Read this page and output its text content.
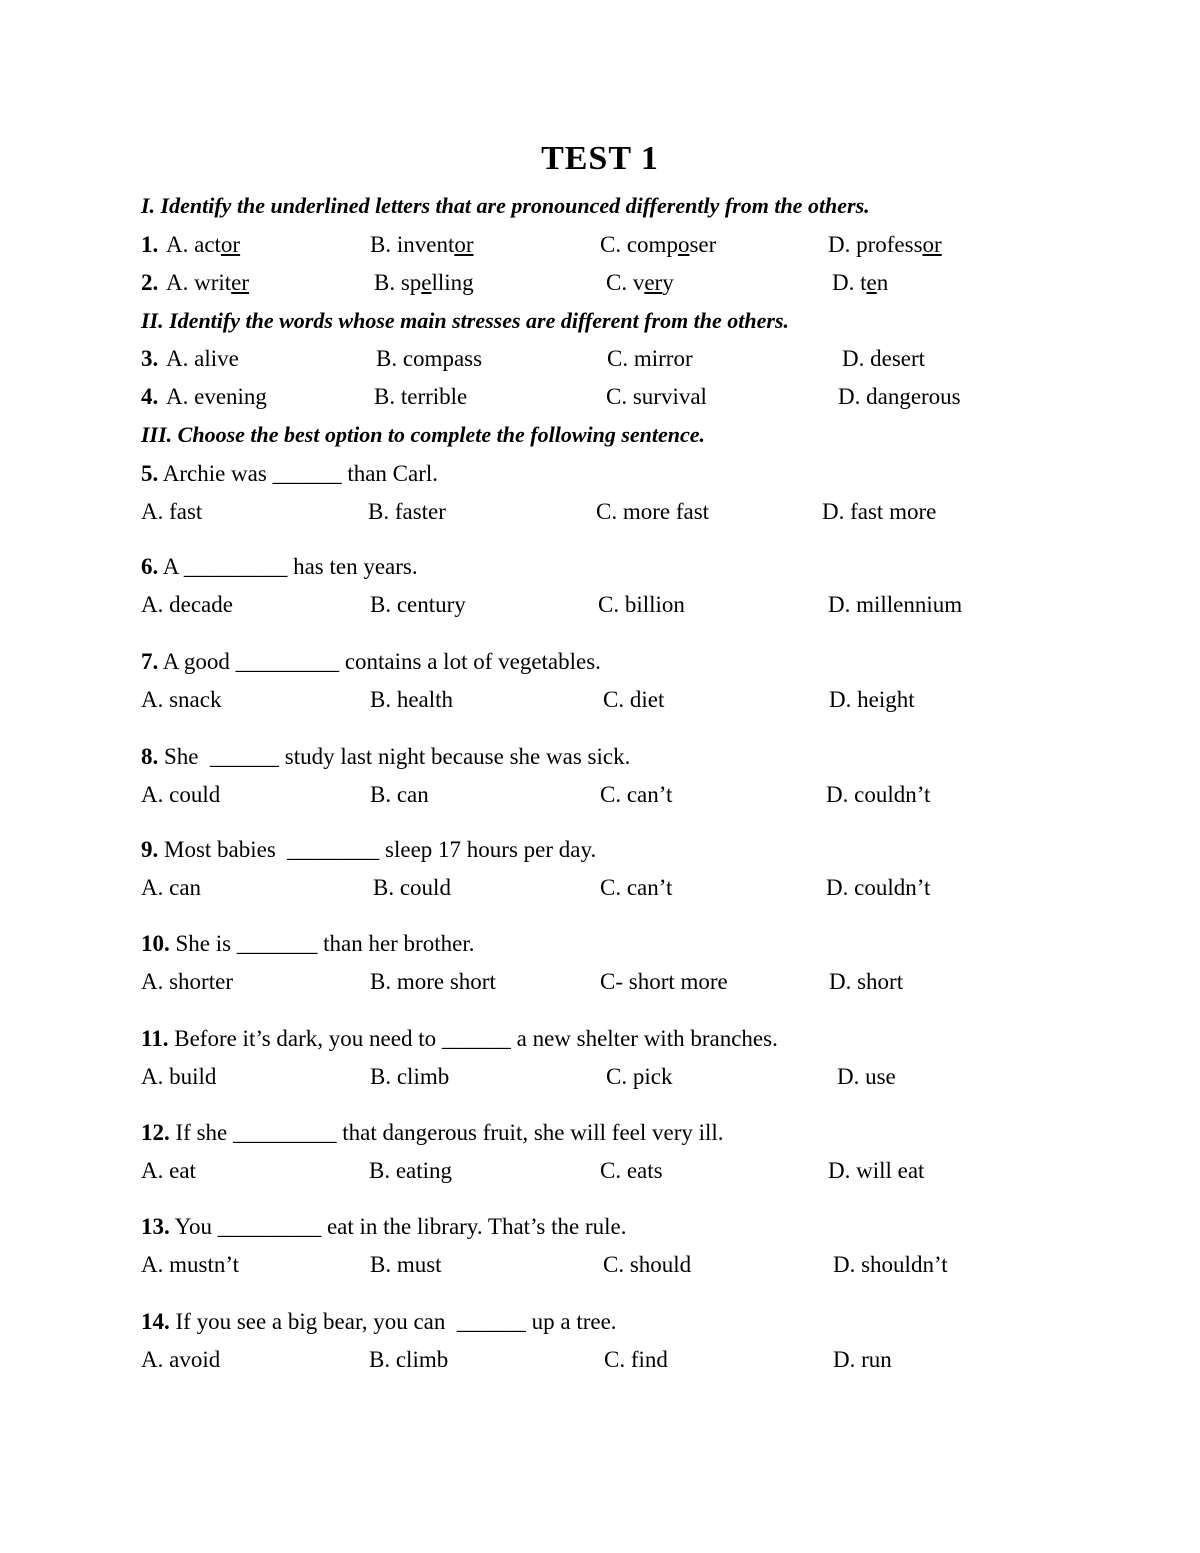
TEST 1
I. Identify the underlined letters that are pronounced differently from the others.
1. A. actor	B. inventor	C. composer	D. professor
2. A. writer	B. spelling	C. very	D. ten
II. Identify the words whose main stresses are different from the others.
3. A. alive	B. compass	C. mirror	D. desert
4. A. evening	B. terrible	C. survival	D. dangerous
III. Choose the best option to complete the following sentence.
5. Archie was ______ than Carl.
A. fast	B. faster	C. more fast	D. fast more
6. A _________ has ten years.
A. decade	B. century	C. billion	D. millennium
7. A good _________ contains a lot of vegetables.
A. snack	B. health	C. diet	D. height
8. She  ______ study last night because she was sick.
A. could	B. can	C. can’t	D. couldn’t
9. Most babies  ________ sleep 17 hours per day.
A. can	B. could	C. can’t	D. couldn’t
10. She is _______ than her brother.
A. shorter	B. more short	C- short more	D. short
11. Before it’s dark, you need to ______ a new shelter with branches.
A. build	B. climb	C. pick	D. use
12. If she _________ that dangerous fruit, she will feel very ill.
A. eat	B. eating	C. eats	D. will eat
13. You _________ eat in the library. That’s the rule.
A. mustn’t	B. must	C. should	D. shouldn’t
14. If you see a big bear, you can  ______ up a tree.
A. avoid	B. climb	C. find	D. run
